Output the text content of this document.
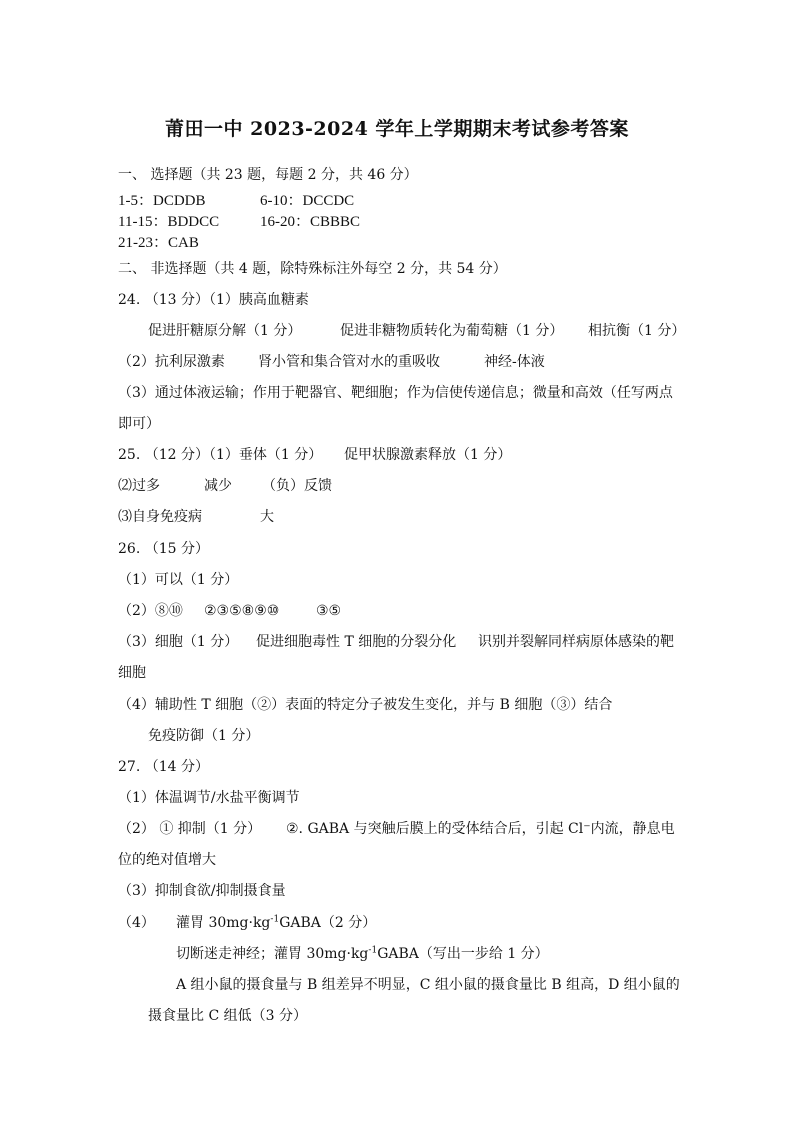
莆田一中 2023-2024 学年上学期期末考试参考答案
一、 选择题（共 23 题，每题 2 分，共 46 分）
1-5：DCDDB	6-10：DCCDC
11-15：BDDCC	16-20：CBBBC
21-23：CAB
二、 非选择题（共 4 题，除特殊标注外每空 2 分，共 54 分）
24. （13 分）（1）胰高血糖素
促进肝糖原分解（1 分）	促进非糖物质转化为葡萄糖（1 分） 相抗衡（1 分）
（2）抗利尿激素 肾小管和集合管对水的重吸收	神经-体液
（3）通过体液运输；作用于靶器官、靶细胞；作为信使传递信息；微量和高效（任写两点
即可）
25. （12 分）（1）垂体（1 分） 促甲状腺激素释放（1 分）
⑵过多	减少 （负）反馈
⑶自身免疫病	大
26. （15 分）
（1）可以（1 分）
（2）⑧⑩ ②③⑤⑧⑨⑩	③⑤
（3）细胞（1 分） 促进细胞毒性 T 细胞的分裂分化 识别并裂解同样病原体感染的靶
细胞
（4）辅助性 T 细胞（②）表面的特定分子被发生变化，并与 B 细胞（③）结合
免疫防御（1 分）
27. （14 分）
（1）体温调节/水盐平衡调节
（2） ① 抑制（1 分） ②. GABA 与突触后膜上的受体结合后，引起 Cl⁻内流，静息电
位的绝对值增大
（3）抑制食欲/抑制摄食量
（4） 灌胃 $30mg\cdot kg^{-1}GABA(2$ 分）
切断迷走神经；灌胃 $30mg\cdot kg^{-1}GABA$（写出一步给 1 分）
A 组小鼠的摄食量与 B 组差异不明显，C 组小鼠的摄食量比 B 组高，D 组小鼠的
摄食量比 C 组低（3 分）
